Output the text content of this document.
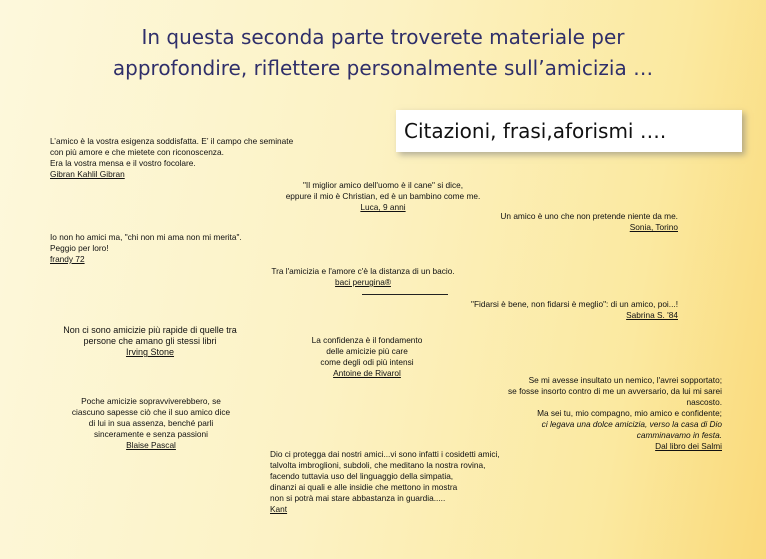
In questa seconda parte troverete materiale per
approfondire, riflettere personalmente sull’amicizia …
Citazioni, frasi,aforismi ….
L’amico è la vostra esigenza soddisfatta. E’ il campo che seminate
con più amore e che mietete con riconoscenza.
Era la vostra mensa e il vostro focolare.
Gibran Kahlil Gibran
"Il miglior amico dell'uomo è il cane" si dice,
eppure il mio è Christian, ed è un bambino come me.
Luca, 9 anni
Un amico è uno che non pretende niente da me.
Sonia, Torino
Io non ho amici ma, "chi non mi ama non mi merita".
Peggio per loro!
frandy 72
Tra l'amicizia e l'amore c'è la distanza di un bacio.
baci perugina®
"Fidarsi è bene, non fidarsi è meglio": di un amico, poi...!
Sabrina S. '84
Non ci sono amicizie più rapide di quelle tra
persone che amano gli stessi libri
Irving Stone
La confidenza è il fondamento
delle amicizie più care
come degli odi più intensi
Antoine de Rivarol
Se mi avesse insultato un nemico, l'avrei sopportato;
se fosse insorto contro di me un avversario, da lui mi sarei
nascosto.
Ma sei tu, mio compagno, mio amico e confidente;
ci legava una dolce amicizia, verso la casa di Dio
camminavamo in festa.
Dal libro dei Salmi
Poche amicizie sopravviverebbero, se
ciascuno sapesse ciò che il suo amico dice
di lui in sua assenza, benché parli
sinceramente e senza passioni
Blaise Pascal
Dio ci protegga dai nostri amici...vi sono infatti i cosidetti amici,
talvolta imbroglioni, subdoli, che meditano la nostra rovina,
facendo tuttavia uso del linguaggio della simpatia,
dinanzi ai quali e alle insidie che mettono in mostra
non si potrà mai stare abbastanza in guardia.....
Kant
